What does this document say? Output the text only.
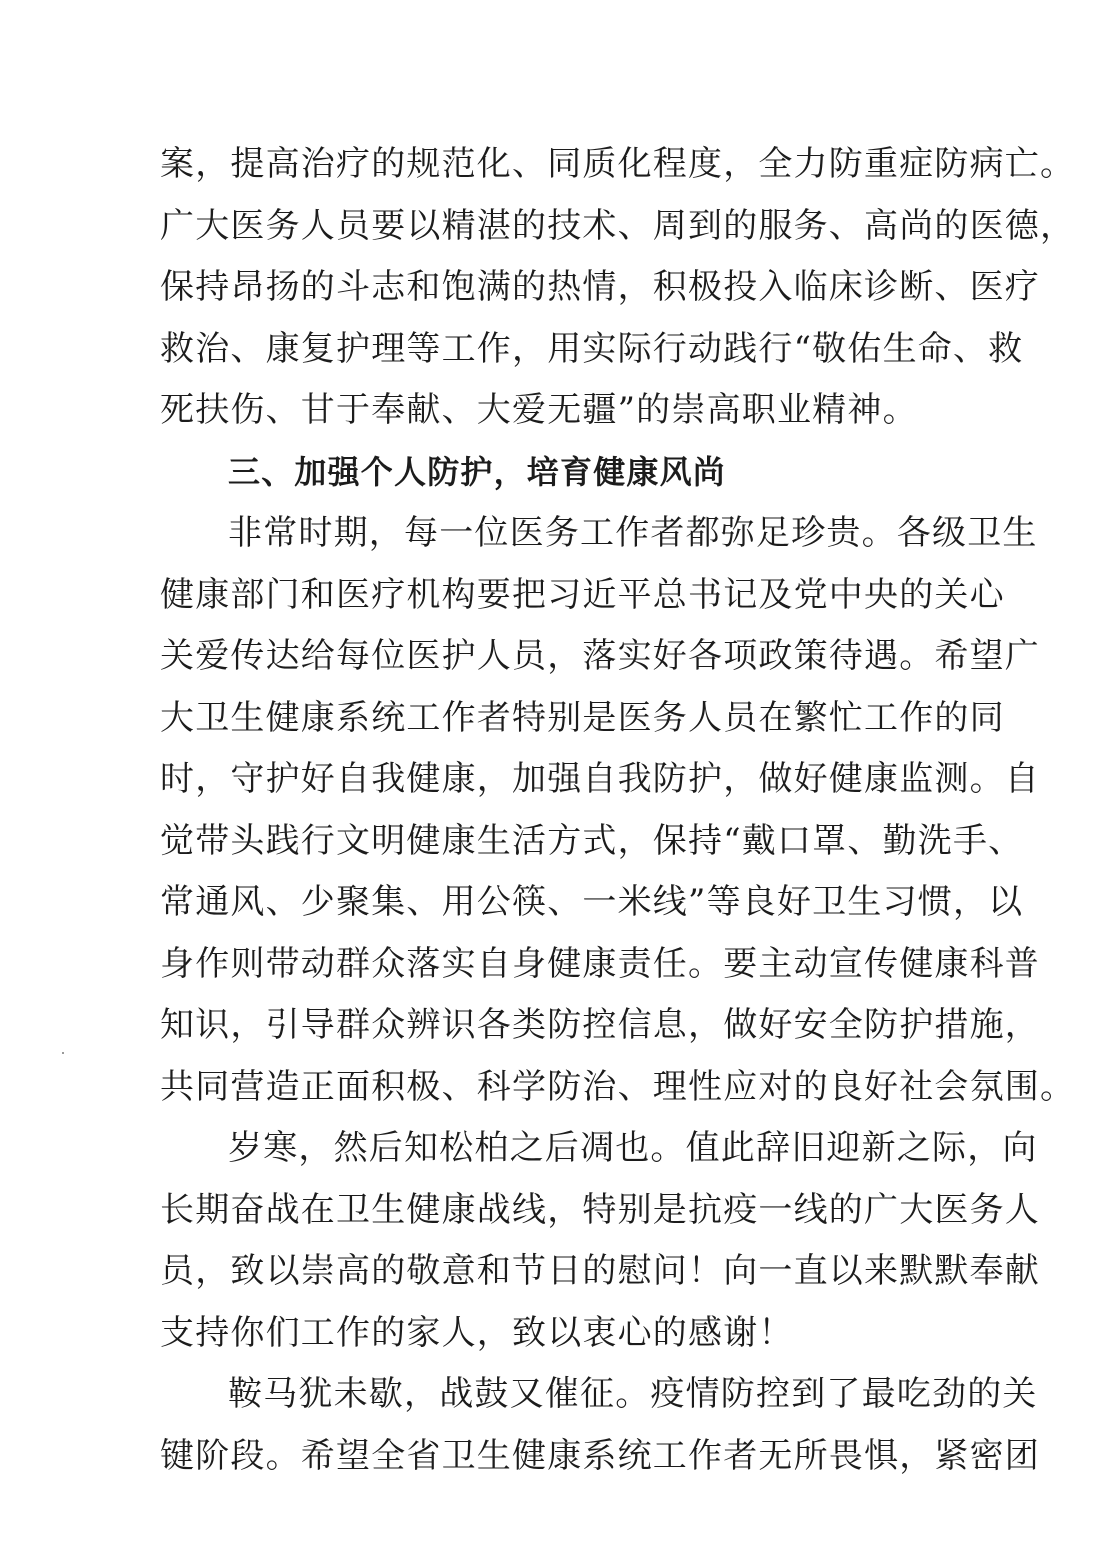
案，提高治疗的规范化、同质化程度，全力防重症防病亡。
广大医务人员要以精湛的技术、周到的服务、高尚的医德，
保持昂扬的斗志和饱满的热情，积极投入临床诊断、医疗
救治、康复护理等工作，用实际行动践行“敬佑生命、救
死扶伤、甘于奉献、大爱无疆”的崇高职业精神。
三、加强个人防护，培育健康风尚
非常时期，每一位医务工作者都弥足珍贵。各级卫生
健康部门和医疗机构要把习近平总书记及党中央的关心
关爱传达给每位医护人员，落实好各项政策待遇。希望广
大卫生健康系统工作者特别是医务人员在繁忙工作的同
时，守护好自我健康，加强自我防护，做好健康监测。自
觉带头践行文明健康生活方式，保持“戴口罩、勤洗手、
常通风、少聚集、用公筷、一米线”等良好卫生习惯，以
身作则带动群众落实自身健康责任。要主动宣传健康科普
知识，引导群众辨识各类防控信息，做好安全防护措施，
共同营造正面积极、科学防治、理性应对的良好社会氛围。
岁寒，然后知松柏之后凋也。值此辞旧迎新之际，向
长期奋战在卫生健康战线，特别是抗疫一线的广大医务人
员，致以崇高的敬意和节日的慰问！向一直以来默默奉献
支持你们工作的家人，致以衷心的感谢！
鞍马犹未歇，战鼓又催征。疫情防控到了最吃劲的关
键阶段。希望全省卫生健康系统工作者无所畏惧，紧密团
